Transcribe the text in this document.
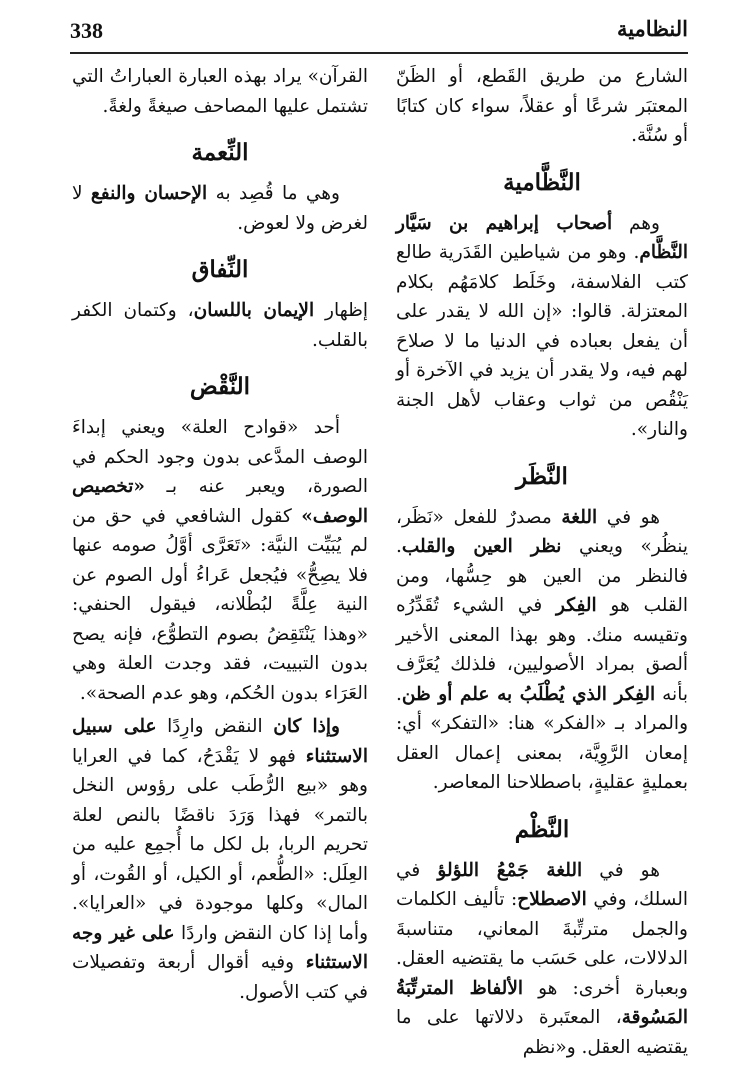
338	النظامية

الشارع من طريق القَطع، أو الظَنّ المعتبَر شرعًا أو عقلاً، سواء كان كتابًا أو سُنَّة.

النَّظَّامية

وهم أصحاب إبراهيم بن سَيَّار النَّظَّام. وهو من شياطين القَدَرية طالع كتب الفلاسفة، وخَلَط كلامَهُم بكلام المعتزلة. قالوا: «إن الله لا يقدر على أن يفعل بعباده في الدنيا ما لا صلاحَ لهم فيه، ولا يقدر أن يزيد في الآخرة أو يَنْقُص من ثواب وعقاب لأهل الجنة والنار».

النَّظَر

هو في اللغة مصدرٌ للفعل «نَظَر، ينظُر» ويعني نظر العين والقلب. فالنظر من العين هو حِسُّها، ومن القلب هو الفِكر في الشيء تُقَدِّرُه وتقيسه منك. وهو بهذا المعنى الأخير ألصق بمراد الأصوليين، فلذلك يُعَرَّف بأنه الفِكر الذي يُطْلَبُ به علم أو ظن. والمراد بـ «الفكر» هنا: «التفكر» أي: إمعان الرَّوِيَّة، بمعنى إعمال العقل بعمليةٍ عقليةٍ، باصطلاحنا المعاصر.

النَّظْم

هو في اللغة جَمْعُ اللؤلؤ في السلك، وفي الاصطلاح: تأليف الكلمات والجمل مترتِّبةَ المعاني، متناسبةَ الدلالات، على حَسَب ما يقتضيه العقل. وبعبارة أخرى: هو الألفاظ المترتِّبَةُ المَسُوقة، المعتَبرة دلالاتها على ما يقتضيه العقل. و«نظم

القرآن» يراد بهذه العبارة العباراتُ التي تشتمل عليها المصاحف صيغةً ولغةً.

النِّعمة

وهي ما قُصِد به الإحسان والنفع لا لغرض ولا لعوض.

النِّفاق

إظهار الإيمان باللسان، وكتمان الكفر بالقلب.

النَّقْض

أحد «قوادح العلة» ويعني إبداءَ الوصف المدَّعى بدون وجود الحكم في الصورة، ويعبر عنه بـ «تخصيص الوصف» كقول الشافعي في حق من لم يُبَيِّت النيَّة: «تَعَرَّى أوَّلُ صومه عنها فلا يصِحُّ» فيُجعل عَراءُ أول الصوم عن النية عِلَّةً لبُطْلانه، فيقول الحنفي: «وهذا يَنْتَقِضُ بصوم التطوُّع، فإنه يصح بدون التبييت، فقد وجدت العلة وهي العَرَاء بدون الحُكم، وهو عدم الصحة».

وإذا كان النقض وارِدًا على سبيل الاستثناء فهو لا يَقْدَحُ، كما في العرايا وهو «بيع الرُّطَب على رؤوس النخل بالتمر» فهذا وَرَدَ ناقضًا بالنص لعلة تحريم الربا، بل لكل ما أُجمِع عليه من العِلَل: «الطُّعم، أو الكيل، أو القُوت، أو المال» وكلها موجودة في «العرايا». وأما إذا كان النقض واردًا على غير وجه الاستثناء وفيه أقوال أربعة وتفصيلات في كتب الأصول.
